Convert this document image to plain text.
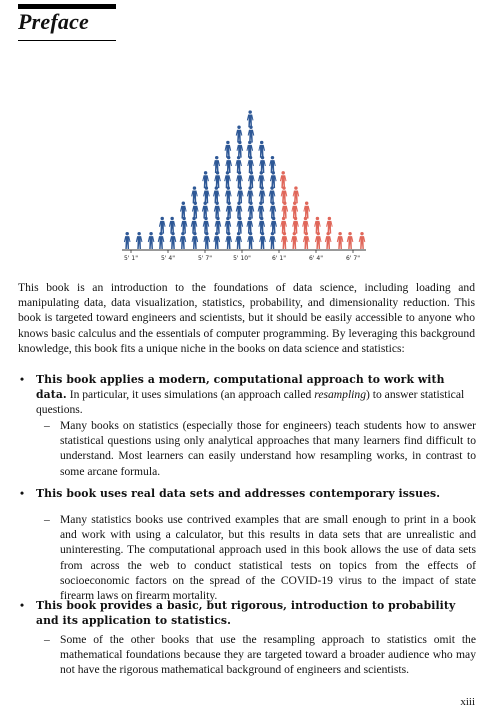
Preface
5' 1"	5' 4"	5' 7"	5' 10"	6' 1"	6' 4"	6' 7"

This book is an introduction to the foundations of data science, including loading and manipulating data, data visualization, statistics, probability, and dimensionality reduction. This book is targeted toward engineers and scientists, but it should be easily accessible to anyone who knows basic calculus and the essentials of computer programming. By leveraging this background knowledge, this book fits a unique niche in the books on data science and statistics:

• This book applies a modern, computational approach to work with data. In particular, it uses simulations (an approach called resampling) to answer statistical questions.
– Many books on statistics (especially those for engineers) teach students how to answer statistical questions using only analytical approaches that many learners find difficult to understand. Most learners can easily understand how resampling works, in contrast to some arcane formula.
• This book uses real data sets and addresses contemporary issues.
– Many statistics books use contrived examples that are small enough to print in a book and work with using a calculator, but this results in data sets that are unrealistic and uninteresting. The computational approach used in this book allows the use of data sets from across the web to conduct statistical tests on topics from the effects of socioeconomic factors on the spread of the COVID-19 virus to the impact of state firearm laws on firearm mortality.
• This book provides a basic, but rigorous, introduction to probability and its application to statistics.
– Some of the other books that use the resampling approach to statistics omit the mathematical foundations because they are targeted toward a broader audience who may not have the rigorous mathematical background of engineers and scientists.
xiii
